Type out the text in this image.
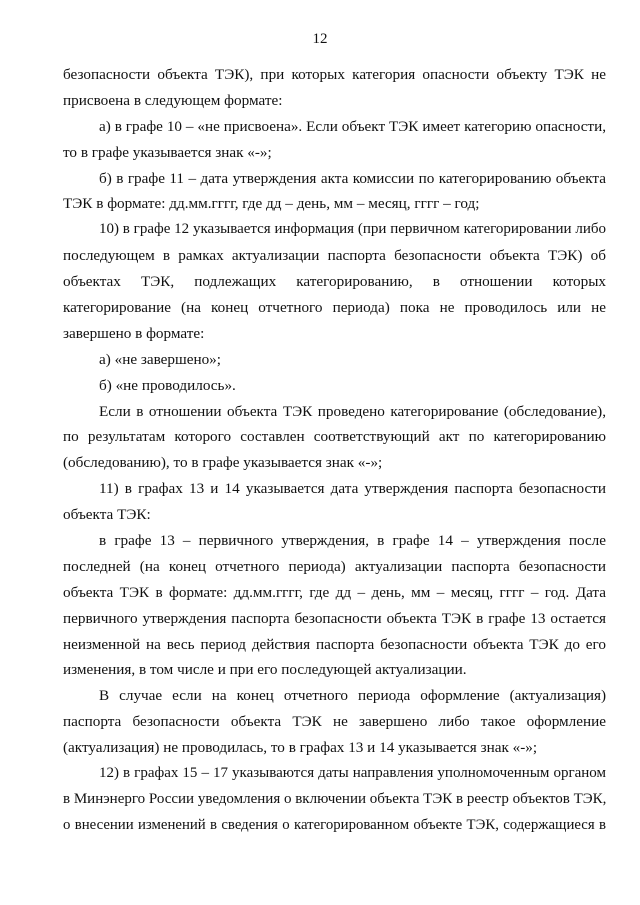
12
безопасности объекта ТЭК), при которых категория опасности объекту ТЭК не
присвоена в следующем формате:
а) в графе 10 – «не присвоена». Если объект ТЭК имеет категорию опасности,
то в графе указывается знак «-»;
б) в графе 11 – дата утверждения акта комиссии по категорированию объекта
ТЭК в формате: дд.мм.гггг, где дд – день, мм – месяц, гггг – год;
10) в графе 12 указывается информация (при первичном категорировании либо
последующем в рамках актуализации паспорта безопасности объекта ТЭК) об
объектах ТЭК, подлежащих категорированию, в отношении которых
категорирование (на конец отчетного периода) пока не проводилось или не
завершено в формате:
а) «не завершено»;
б) «не проводилось».
Если в отношении объекта ТЭК проведено категорирование (обследование),
по результатам которого составлен соответствующий акт по категорированию
(обследованию), то в графе указывается знак «-»;
11) в графах 13 и 14 указывается дата утверждения паспорта безопасности
объекта ТЭК:
в графе 13 – первичного утверждения, в графе 14 – утверждения после
последней (на конец отчетного периода) актуализации паспорта безопасности
объекта ТЭК в формате: дд.мм.гггг, где дд – день, мм – месяц, гггг – год. Дата
первичного утверждения паспорта безопасности объекта ТЭК в графе 13 остается
неизменной на весь период действия паспорта безопасности объекта ТЭК до его
изменения, в том числе и при его последующей актуализации.
В случае если на конец отчетного периода оформление (актуализация)
паспорта безопасности объекта ТЭК не завершено либо такое оформление
(актуализация) не проводилась, то в графах 13 и 14 указывается знак «-»;
12) в графах 15 – 17 указываются даты направления уполномоченным органом
в Минэнерго России уведомления о включении объекта ТЭК в реестр объектов ТЭК,
о внесении изменений в сведения о категорированном объекте ТЭК, содержащиеся в
